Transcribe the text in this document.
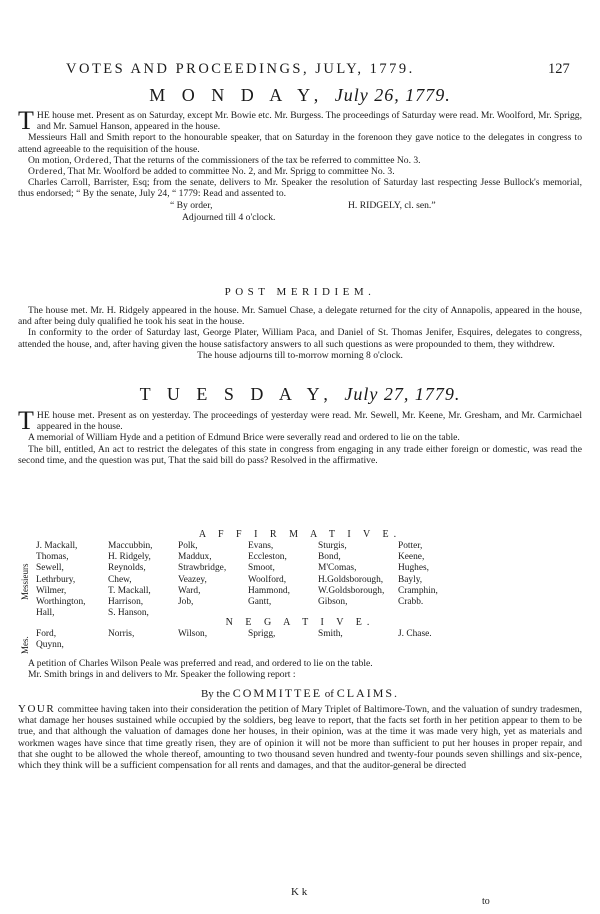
VOTES AND PROCEEDINGS, JULY, 1779.	127
M O N D A Y, July 26, 1779.

T HE house met. Present as on Saturday, except Mr. Bowie etc. Mr. Burgess. The proceedings of Saturday were read. Mr. Woolford, Mr. Sprigg, and Mr. Samuel Hanson, appeared in the house.

Messieurs Hall and Smith report to the honourable speaker, that on Saturday in the forenoon they gave notice to the delegates in congress to attend agreeable to the requisition of the house.

On motion, Ordered, That the returns of the commissioners of the tax be referred to committee No. 3.

Ordered, That Mr. Woolford be added to committee No. 2, and Mr. Sprigg to committee No. 3.

Charles Carroll, Barrister, Esq; from the senate, delivers to Mr. Speaker the resolution of Saturday last respecting Jesse Bullock's memorial, thus endorsed; “ By the senate, July 24, “ 1779: Read and assented to.

“ By order,	H. RIDGELY, cl. sen.”
Adjourned till 4 o'clock.
POST MERIDIEM.

The house met. Mr. H. Ridgely appeared in the house. Mr. Samuel Chase, a delegate returned for the city of Annapolis, appeared in the house, and after being duly qualified he took his seat in the house.

In conformity to the order of Saturday last, George Plater, William Paca, and Daniel of St. Thomas Jenifer, Esquires, delegates to congress, attended the house, and, after having given the house satisfactory answers to all such questions as were propounded to them, they withdrew.

The house adjourns till to-morrow morning 8 o'clock.

T U E S D A Y, July 27, 1779.

T HE house met. Present as on yesterday. The proceedings of yesterday were read. Mr. Sewell, Mr. Keene, Mr. Gresham, and Mr. Carmichael appeared in the house.

A memorial of William Hyde and a petition of Edmund Brice were severally read and ordered to lie on the table.

The bill, entitled, An act to restrict the delegates of this state in congress from engaging in any trade either foreign or domestic, was read the second time, and the question was put, That the said bill do pass? Resolved in the affirmative.

A F F I R M A T I V E.
Messieurs
J. Mackall,	Maccubbin,	Polk,	Evans,	Sturgis,	Potter,
Thomas,	H. Ridgely,	Maddux,	Eccleston,	Bond,	Keene,
Sewell,	Reynolds,	Strawbridge,	Smoot,	M'Comas,	Hughes,
Lethrbury,	Chew,	Veazey,	Woolford,	H.Goldsborough,	Bayly,
Wilmer,	T. Mackall,	Ward,	Hammond,	W.Goldsborough,	Cramphin,
Worthington,	Harrison,	Job,	Gantt,	Gibson,	Crabb.
Hall,	S. Hanson,				
N E G A T I V E.
Mes.
Ford,	Norris,	Wilson,	Sprigg,	Smith,	J. Chase.
Quynn,					

A petition of Charles Wilson Peale was preferred and read, and ordered to lie on the table.

Mr. Smith brings in and delivers to Mr. Speaker the following report :

By the COMMITTEE of CLAIMS.

YOUR committee having taken into their consideration the petition of Mary Triplet of Baltimore-Town, and the valuation of sundry tradesmen, what damage her houses sustained while occupied by the soldiers, beg leave to report, that the facts set forth in her petition appear to them to be true, and that although the valuation of damages done her houses, in their opinion, was at the time it was made very high, yet as materials and workmen wages have since that time greatly risen, they are of opinion it will not be more than sufficient to put her houses in proper repair, and that she ought to be allowed the whole thereof, amounting to two thousand seven hundred and twenty-four pounds seven shillings and six-pence, which they think will be a sufficient compensation for all rents and damages, and that the auditor-general be directed

K k
to
